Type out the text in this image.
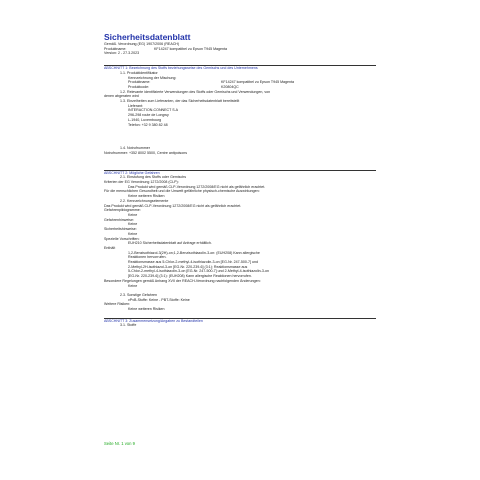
Sicherheitsdatenblatt
Gemäß. Verordnung (EG) 1907/2006 (REACH)
Produktname:	KF14247 kompatibel zu Epson T945 Magenta
Version: 2 - 27.3.2023
ABSCHNITT 1: Bezeichnung des Stoffs beziehungsweise des Gemischs und des Unternehmens
1.1. Produktidentifikator
Kennzeichnung der Mischung:
Produktname:	KF14247 kompatibel zu Epson T945 Magenta
Produktcode:	K20804QC
1.2. Relevante identifizierte Verwendungen des Stoffs oder Gemischs und Verwendungen, von
denen abgeraten wird
1.3. Einzelheiten zum Lieferanten, der das Sicherheitsdatenblatt bereitstellt
Lieferant:
INTERACTION-CONNECT S.A
296-298 route de Longwy
L-1940, Luxembourg
Telefon: +32 9 380 82 48
1.4. Notrufnummer
Notrufnummer: +352 8002 5500, Centre antipoisons
ABSCHNITT 2: Mögliche Gefahren
2.1. Einstufung des Stoffs oder Gemischs
Kriterien der EG Verordnung 1272/2008 (CLP):
Das Produkt wird gemäß CLP-Verordnung 1272/2008/EG nicht als gefährlich erachtet.
Für die menschlichen Gesundheit und die Umwelt gefährliche physisch-chemische Auswirkungen:
Keine weiteren Risiken
2.2. Kennzeichnungselemente
Das Produkt wird gemäß CLP-Verordnung 1272/2008/EG nicht als gefährlich erachtet.
Gefahrenpiktogramme:
Keine
Gefahrenhinweise:
Keine
Sicherheitshinweise:
Keine
Spezielle Vorschriften:
EUH210 Sicherheitsdatenblatt auf Anfrage erhältlich.
Enthält
1,2-Benzisothiazol-3(2H)-on;1,2-Benzisothiazolin-3-on: (EUH208) Kann allergische
Reaktionen hervorrufen.
Reaktionsmasse aus 5-Chlor-2-methyl-4-isothiazolin-3-on [EG-Nr. 247-500-7] und
2-Methyl-2H-isothiazol-3-on [EG-Nr. 220-239-6] (3:1); Reaktionsmasse aus
5-Chlor-2-methyl-4-isothiazolin-3-on [EG-Nr. 247-500-7] und 2-Methyl-4-isothiazolin-3-on
[EG-Nr. 220-239-6] (3:1): (EUH208) Kann allergische Reaktionen hervorrufen.
Besondere Regelungen gemäß Anhang XVII der REACH-Verordnung nachfolgenden Änderungen:
Keine

2.3. Sonstige Gefahren
vPvB-Stoffe: Keine - PBT-Stoffe: Keine
Weitere Risiken:
Keine weiteren Risiken
ABSCHNITT 3: Zusammensetzung/Angaben zu Bestandteilen
3.1. Stoffe
Seite Nr. 1 von 9
